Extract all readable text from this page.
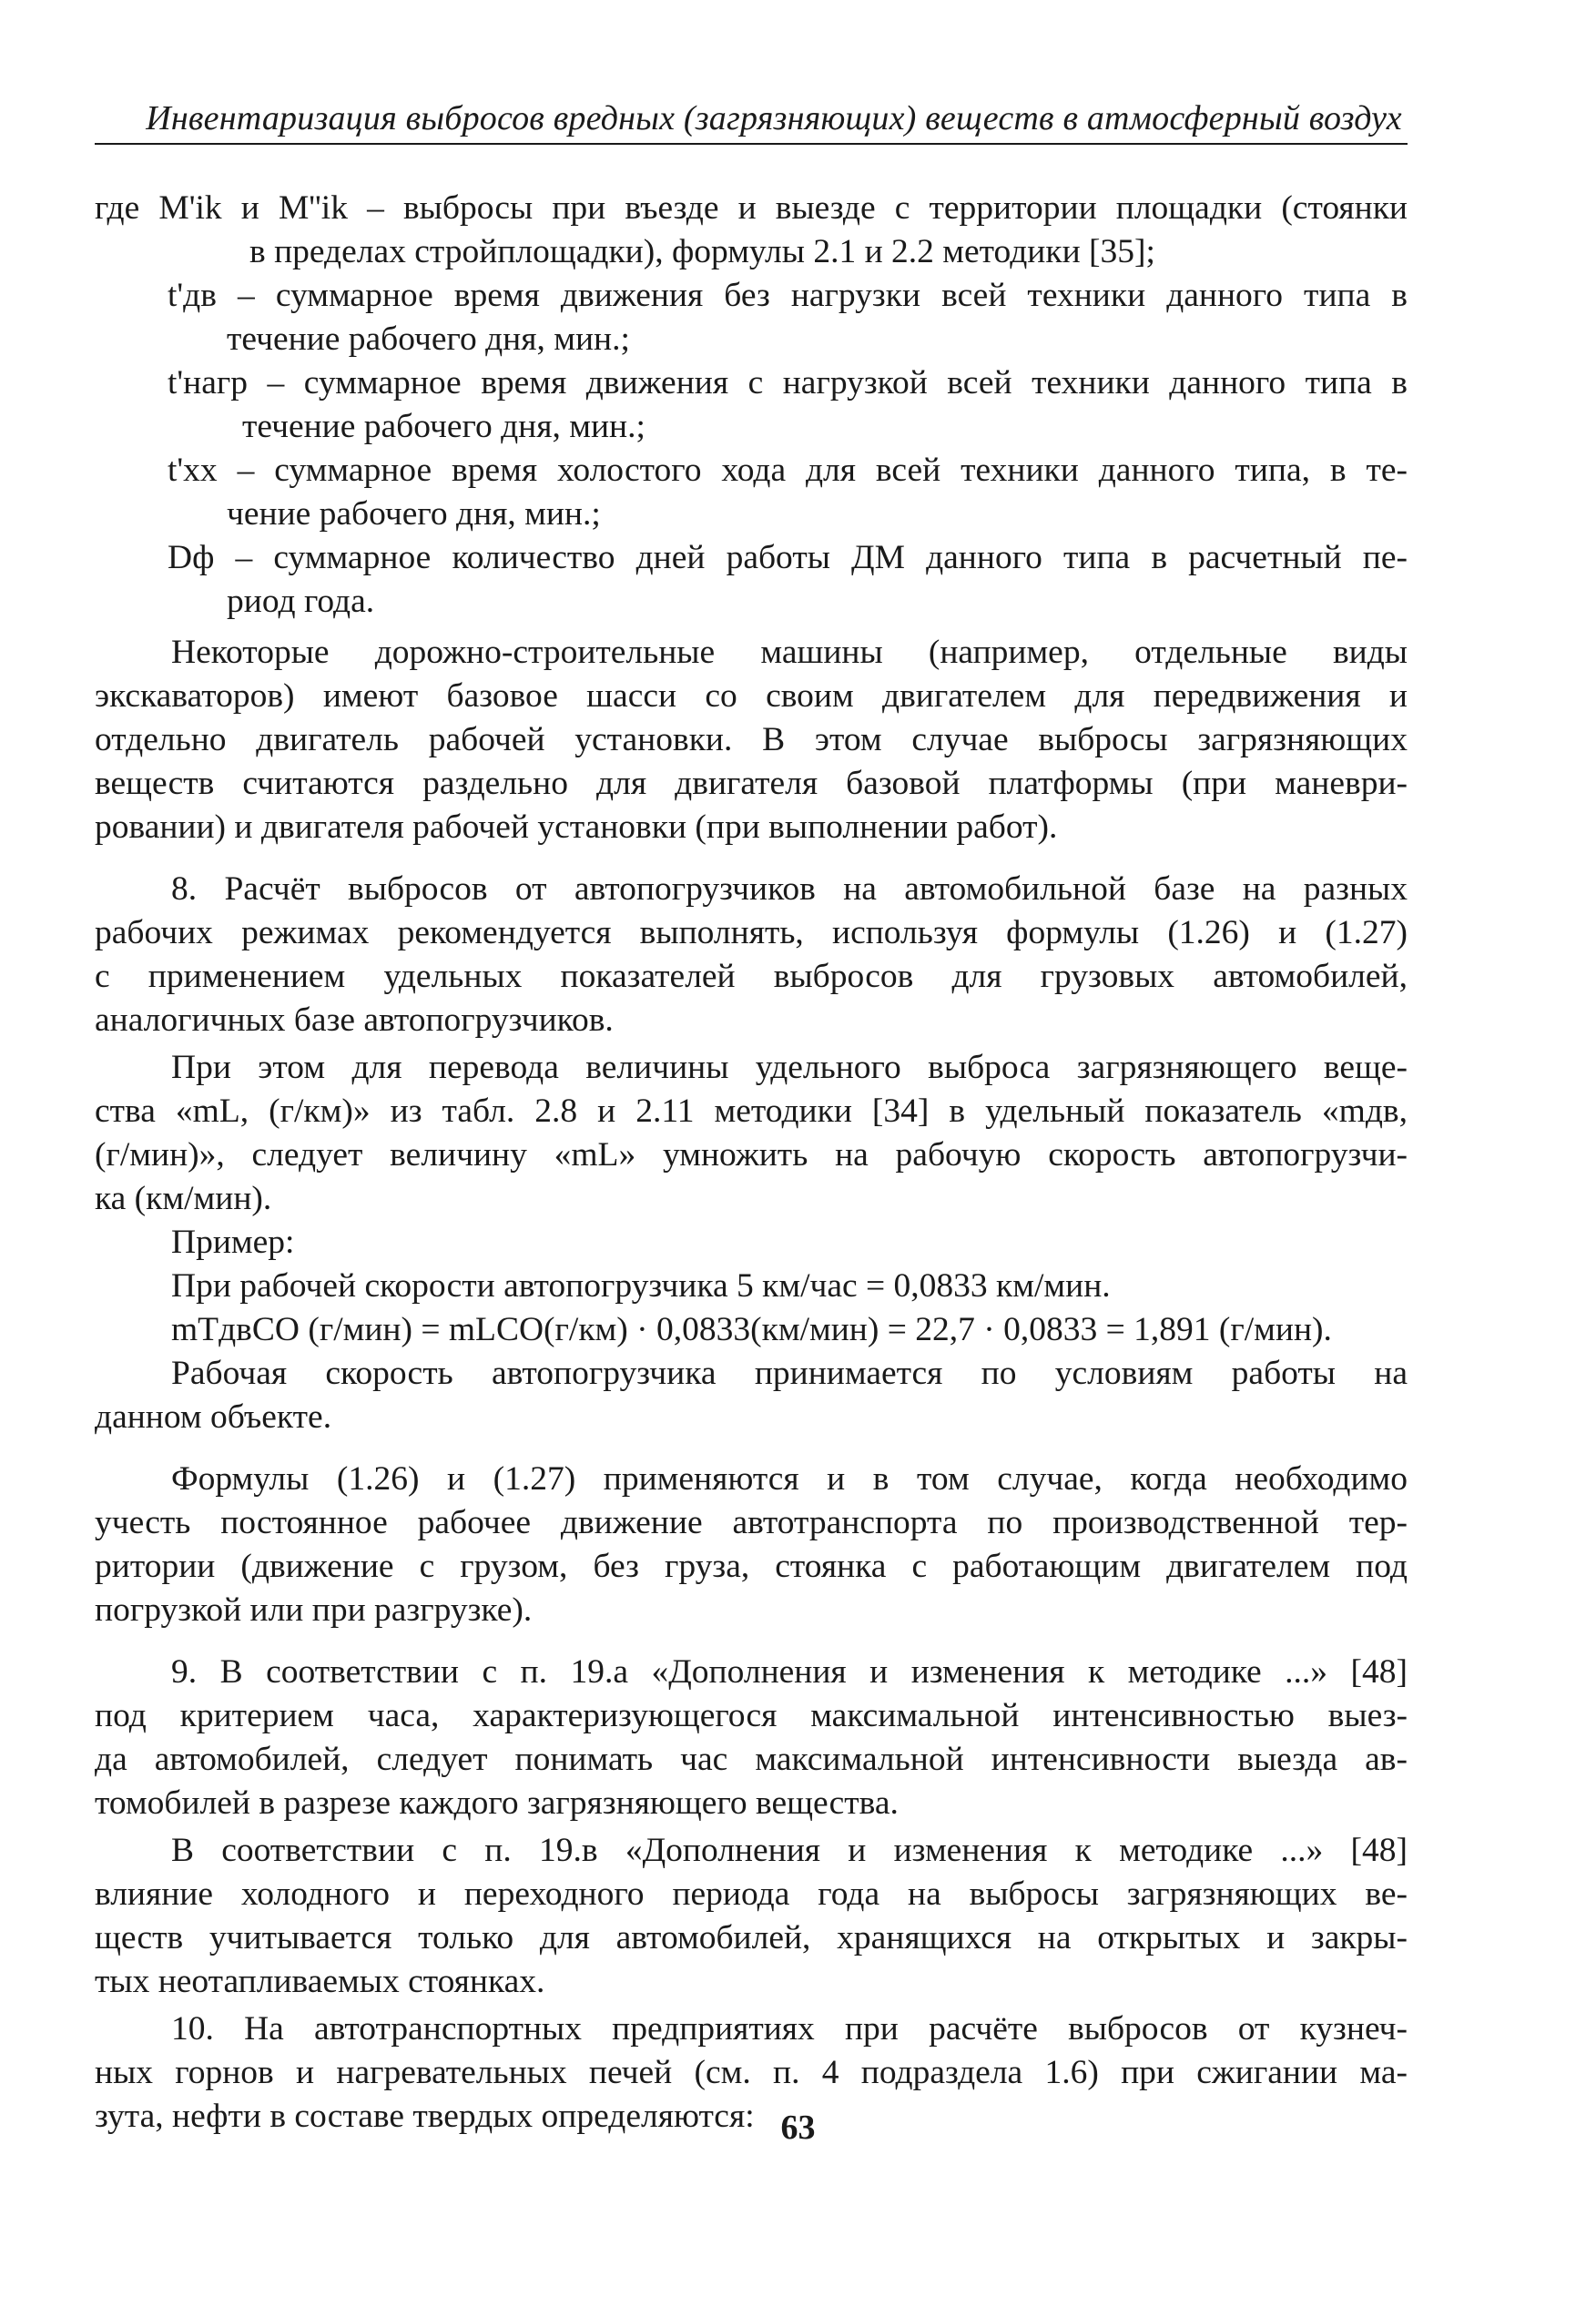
Инвентаризация выбросов вредных (загрязняющих) веществ в атмосферный воздух
где M'ik и M''ik – выбросы при въезде и выезде с территории площадки (стоянки
в пределах стройплощадки), формулы 2.1 и 2.2 методики [35];
t'дв – суммарное время движения без нагрузки всей техники данного типа в
течение рабочего дня, мин.;
t'нагр – суммарное время движения с нагрузкой всей техники данного типа в
течение рабочего дня, мин.;
t'xx – суммарное время холостого хода для всей техники данного типа, в те-
чение рабочего дня, мин.;
Dф – суммарное количество дней работы ДМ данного типа в расчетный пе-
риод года.
Некоторые дорожно-строительные машины (например, отдельные виды
экскаваторов) имеют базовое шасси со своим двигателем для передвижения и
отдельно двигатель рабочей установки. В этом случае выбросы загрязняющих
веществ считаются раздельно для двигателя базовой платформы (при маневри-
ровании) и двигателя рабочей установки (при выполнении работ).
8. Расчёт выбросов от автопогрузчиков на автомобильной базе на разных
рабочих режимах рекомендуется выполнять, используя формулы (1.26) и (1.27)
с применением удельных показателей выбросов для грузовых автомобилей,
аналогичных базе автопогрузчиков.
При этом для перевода величины удельного выброса загрязняющего веще-
ства «mL, (г/км)» из табл. 2.8 и 2.11 методики [34] в удельный показатель «mдв,
(г/мин)», следует величину «mL» умножить на рабочую скорость автопогрузчи-
ка (км/мин).
Пример:
При рабочей скорости автопогрузчика 5 км/час = 0,0833 км/мин.
mTдвCO (г/мин) = mLCO(г/км) · 0,0833(км/мин) = 22,7 · 0,0833 = 1,891 (г/мин).
Рабочая скорость автопогрузчика принимается по условиям работы на
данном объекте.
Формулы (1.26) и (1.27) применяются и в том случае, когда необходимо
учесть постоянное рабочее движение автотранспорта по производственной тер-
ритории (движение с грузом, без груза, стоянка с работающим двигателем под
погрузкой или при разгрузке).
9. В соответствии с п. 19.а «Дополнения и изменения к методике ...» [48]
под критерием часа, характеризующегося максимальной интенсивностью выез-
да автомобилей, следует понимать час максимальной интенсивности выезда ав-
томобилей в разрезе каждого загрязняющего вещества.
В соответствии с п. 19.в «Дополнения и изменения к методике ...» [48]
влияние холодного и переходного периода года на выбросы загрязняющих ве-
ществ учитывается только для автомобилей, хранящихся на открытых и закры-
тых неотапливаемых стоянках.
10. На автотранспортных предприятиях при расчёте выбросов от кузнеч-
ных горнов и нагревательных печей (см. п. 4 подраздела 1.6) при сжигании ма-
зута, нефти в составе твердых определяются: 63
